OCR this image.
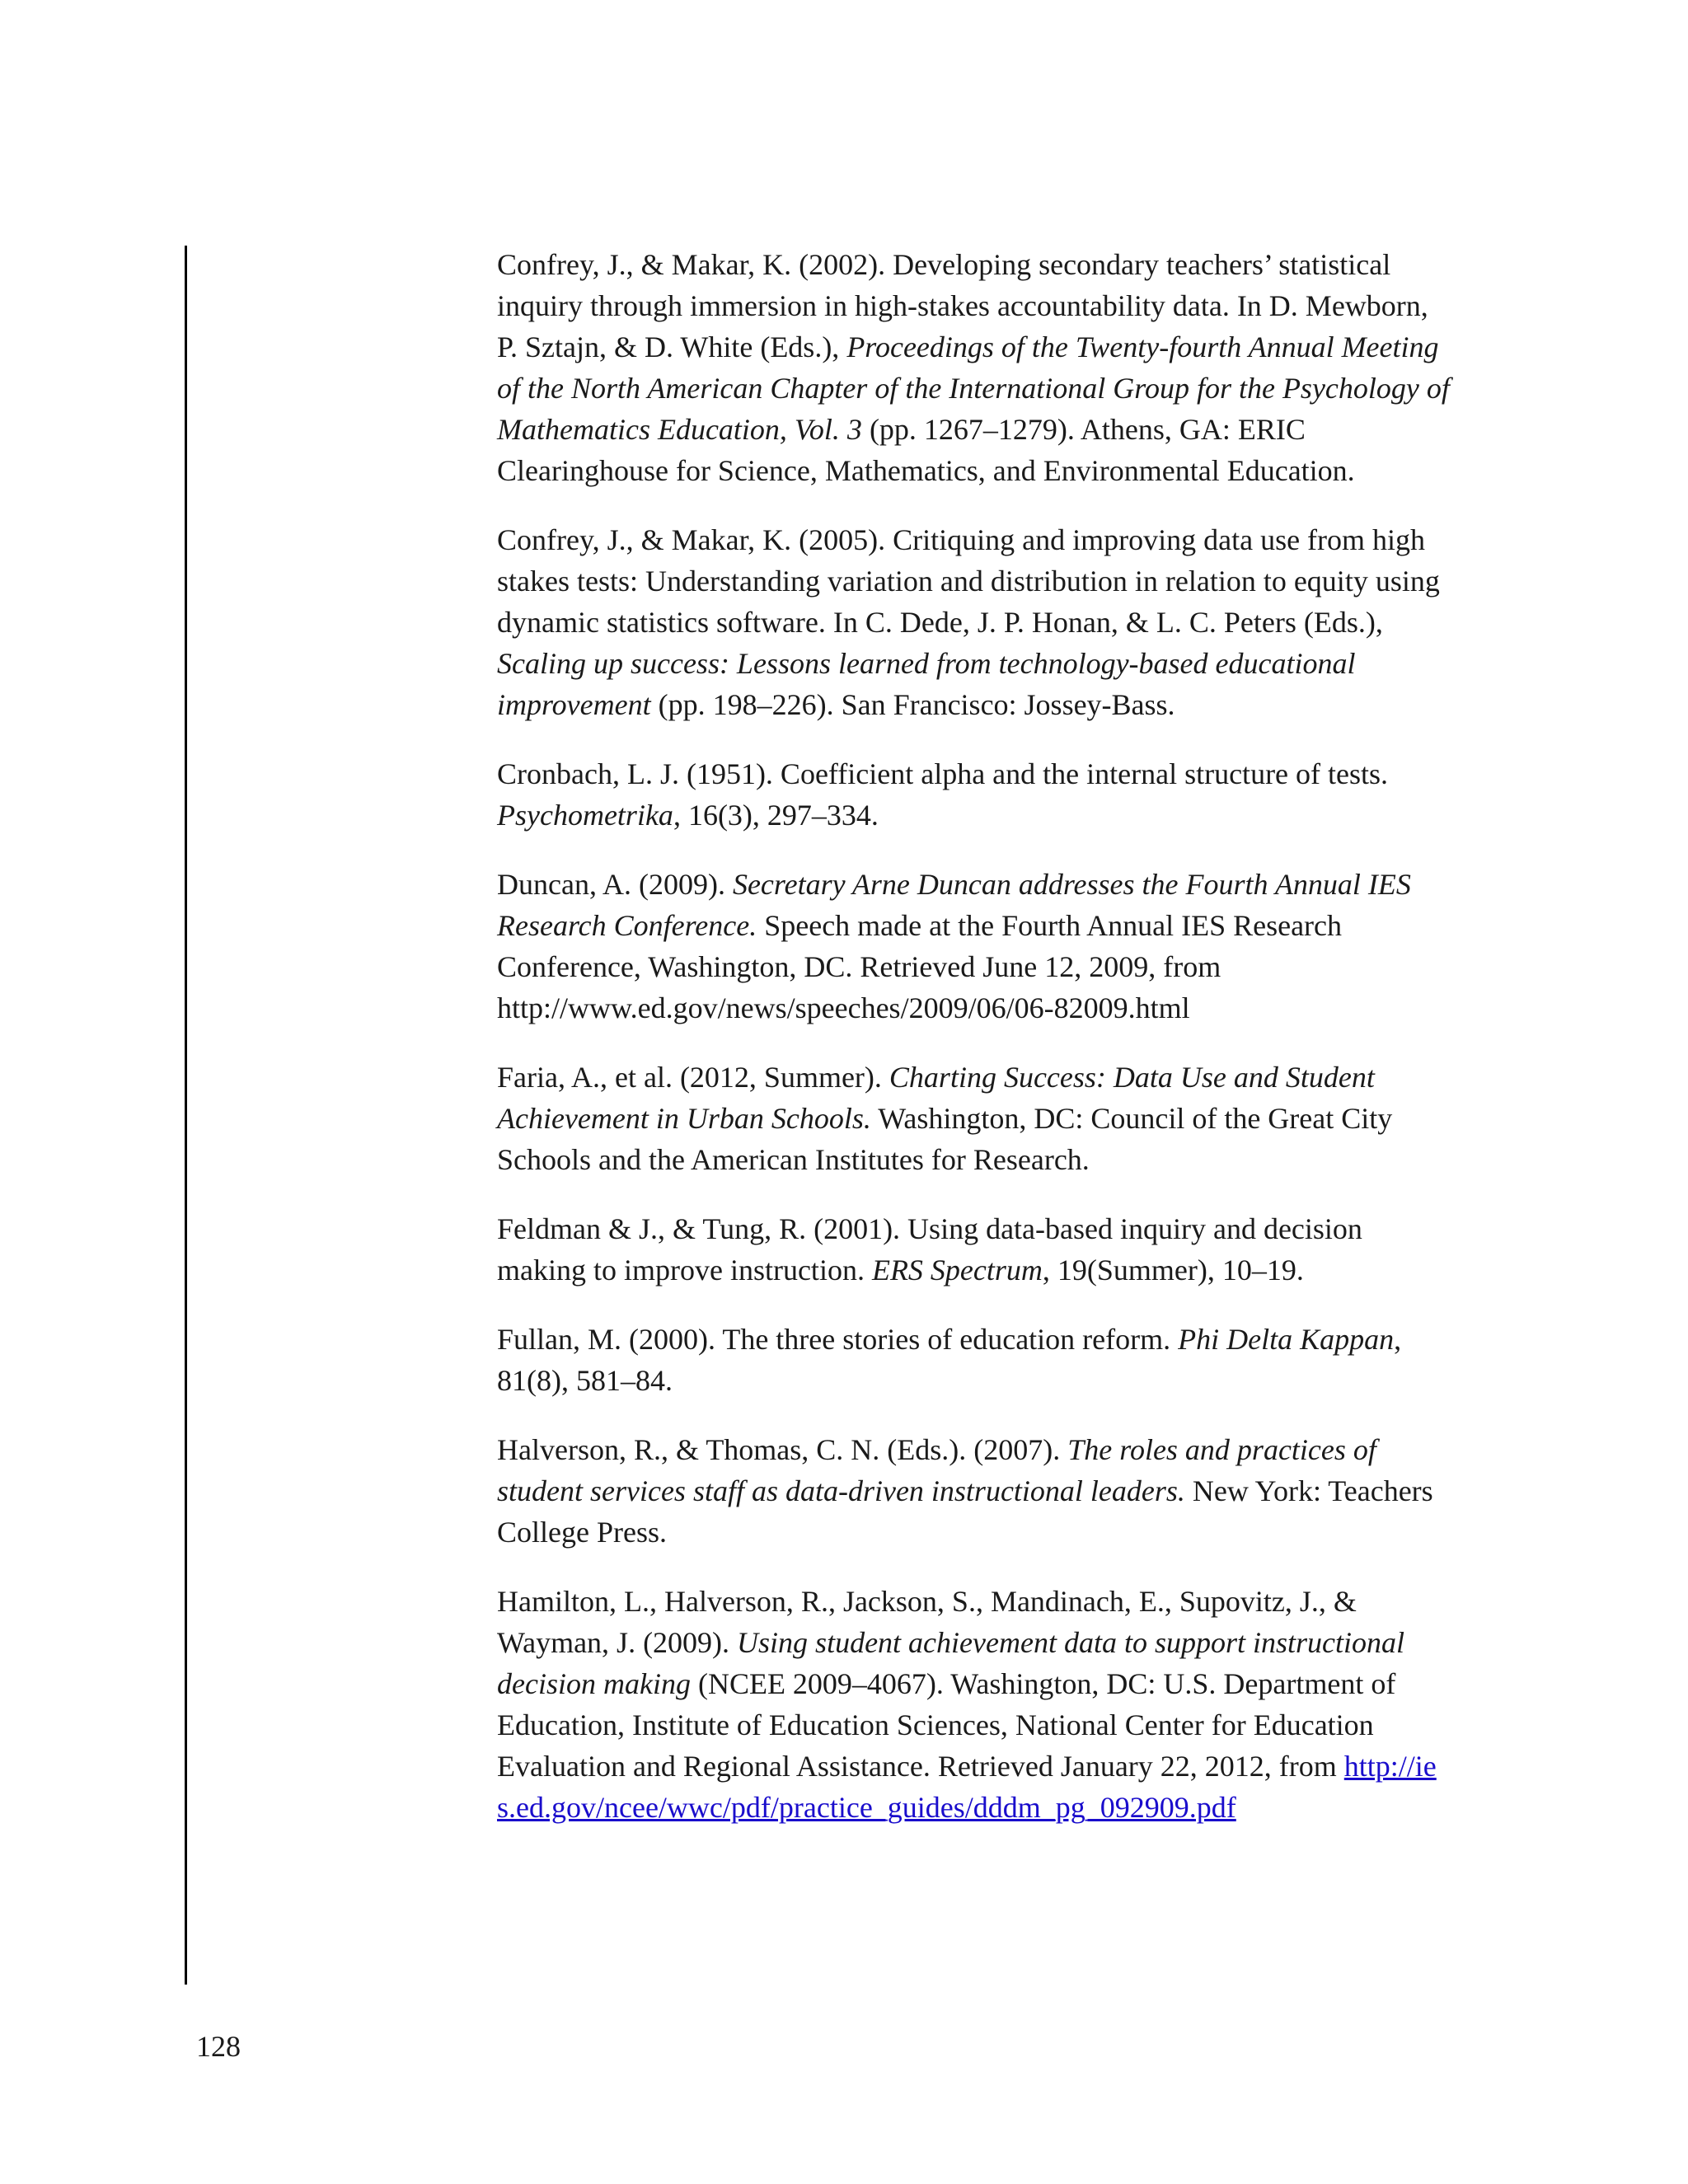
Confrey, J., & Makar, K. (2002). Developing secondary teachers’ statistical inquiry through immersion in high-stakes accountability data. In D. Mewborn, P. Sztajn, & D. White (Eds.), Proceedings of the Twenty-fourth Annual Meeting of the North American Chapter of the International Group for the Psychology of Mathematics Education, Vol. 3 (pp. 1267–1279). Athens, GA: ERIC Clearinghouse for Science, Mathematics, and Environmental Education.

Confrey, J., & Makar, K. (2005). Critiquing and improving data use from high stakes tests: Understanding variation and distribution in relation to equity using dynamic statistics software. In C. Dede, J. P. Honan, & L. C. Peters (Eds.), Scaling up success: Lessons learned from technology-based educational improvement (pp. 198–226). San Francisco: Jossey-Bass.

Cronbach, L. J. (1951). Coefficient alpha and the internal structure of tests. Psychometrika, 16(3), 297–334.

Duncan, A. (2009). Secretary Arne Duncan addresses the Fourth Annual IES Research Conference. Speech made at the Fourth Annual IES Research Conference, Washington, DC. Retrieved June 12, 2009, from http://www.ed.gov/news/speeches/2009/06/06-82009.html

Faria, A., et al. (2012, Summer). Charting Success: Data Use and Student Achievement in Urban Schools. Washington, DC: Council of the Great City Schools and the American Institutes for Research.

Feldman & J., & Tung, R. (2001). Using data-based inquiry and decision making to improve instruction. ERS Spectrum, 19(Summer), 10–19.

Fullan, M. (2000). The three stories of education reform. Phi Delta Kappan, 81(8), 581–84.

Halverson, R., & Thomas, C. N. (Eds.). (2007). The roles and practices of student services staff as data-driven instructional leaders. New York: Teachers College Press.

Hamilton, L., Halverson, R., Jackson, S., Mandinach, E., Supovitz, J., & Wayman, J. (2009). Using student achievement data to support instructional decision making (NCEE 2009–4067). Washington, DC: U.S. Department of Education, Institute of Education Sciences, National Center for Education Evaluation and Regional Assistance. Retrieved January 22, 2012, from http://ies.ed.gov/ncee/wwc/pdf/practice_guides/dddm_pg_092909.pdf

128
